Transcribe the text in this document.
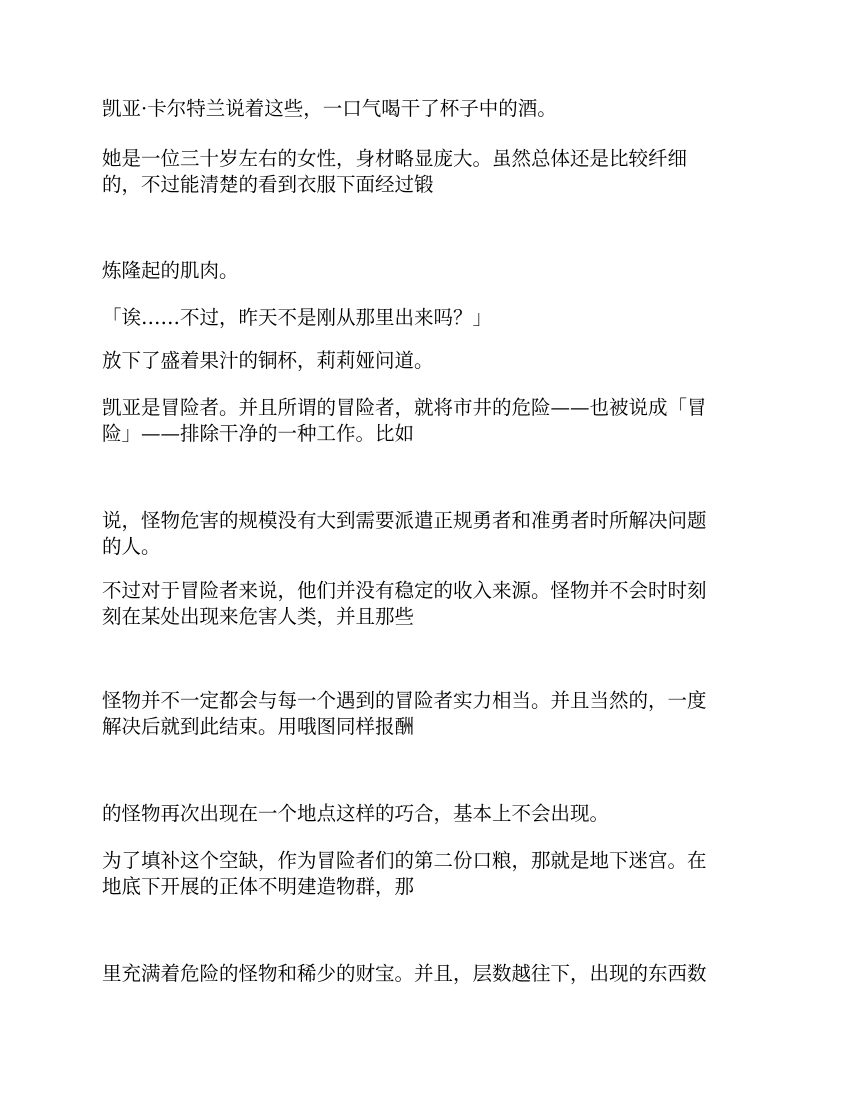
凯亚·卡尔特兰说着这些，一口气喝干了杯子中的酒。
她是一位三十岁左右的女性，身材略显庞大。虽然总体还是比较纤细
的，不过能清楚的看到衣服下面经过锻
炼隆起的肌肉。
「诶……不过，昨天不是刚从那里出来吗？」
放下了盛着果汁的铜杯，莉莉娅问道。
凯亚是冒险者。并且所谓的冒险者，就将市井的危险——也被说成「冒
险」——排除干净的一种工作。比如
说，怪物危害的规模没有大到需要派遣正规勇者和准勇者时所解决问题
的人。
不过对于冒险者来说，他们并没有稳定的收入来源。怪物并不会时时刻
刻在某处出现来危害人类，并且那些
怪物并不一定都会与每一个遇到的冒险者实力相当。并且当然的，一度
解决后就到此结束。用哦图同样报酬
的怪物再次出现在一个地点这样的巧合，基本上不会出现。
为了填补这个空缺，作为冒险者们的第二份口粮，那就是地下迷宫。在
地底下开展的正体不明建造物群，那
里充满着危险的怪物和稀少的财宝。并且，层数越往下，出现的东西数
